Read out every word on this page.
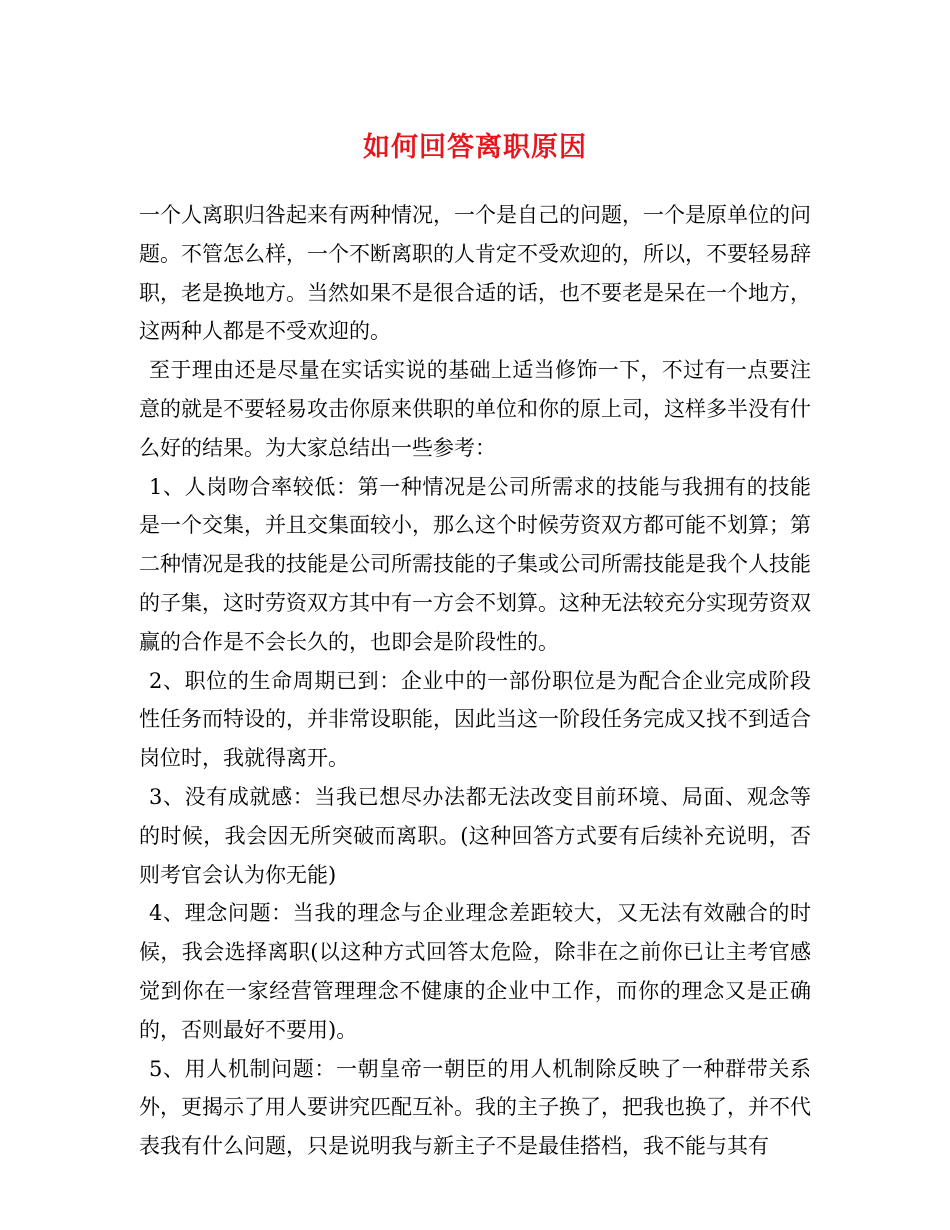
如何回答离职原因

一个人离职归咎起来有两种情况，一个是自己的问题，一个是原单位的问题。不管怎么样，一个不断离职的人肯定不受欢迎的，所以，不要轻易辞职，老是换地方。当然如果不是很合适的话，也不要老是呆在一个地方，这两种人都是不受欢迎的。

至于理由还是尽量在实话实说的基础上适当修饰一下，不过有一点要注意的就是不要轻易攻击你原来供职的单位和你的原上司，这样多半没有什么好的结果。为大家总结出一些参考：

1、人岗吻合率较低：第一种情况是公司所需求的技能与我拥有的技能是一个交集，并且交集面较小，那么这个时候劳资双方都可能不划算；第二种情况是我的技能是公司所需技能的子集或公司所需技能是我个人技能的子集，这时劳资双方其中有一方会不划算。这种无法较充分实现劳资双赢的合作是不会长久的，也即会是阶段性的。

2、职位的生命周期已到：企业中的一部份职位是为配合企业完成阶段性任务而特设的，并非常设职能，因此当这一阶段任务完成又找不到适合岗位时，我就得离开。

3、没有成就感：当我已想尽办法都无法改变目前环境、局面、观念等的时候，我会因无所突破而离职。(这种回答方式要有后续补充说明，否则考官会认为你无能)

4、理念问题：当我的理念与企业理念差距较大，又无法有效融合的时候，我会选择离职(以这种方式回答太危险，除非在之前你已让主考官感觉到你在一家经营管理理念不健康的企业中工作，而你的理念又是正确的，否则最好不要用)。

5、用人机制问题：一朝皇帝一朝臣的用人机制除反映了一种群带关系外，更揭示了用人要讲究匹配互补。我的主子换了，把我也换了，并不代表我有什么问题，只是说明我与新主子不是最佳搭档，我不能与其有
